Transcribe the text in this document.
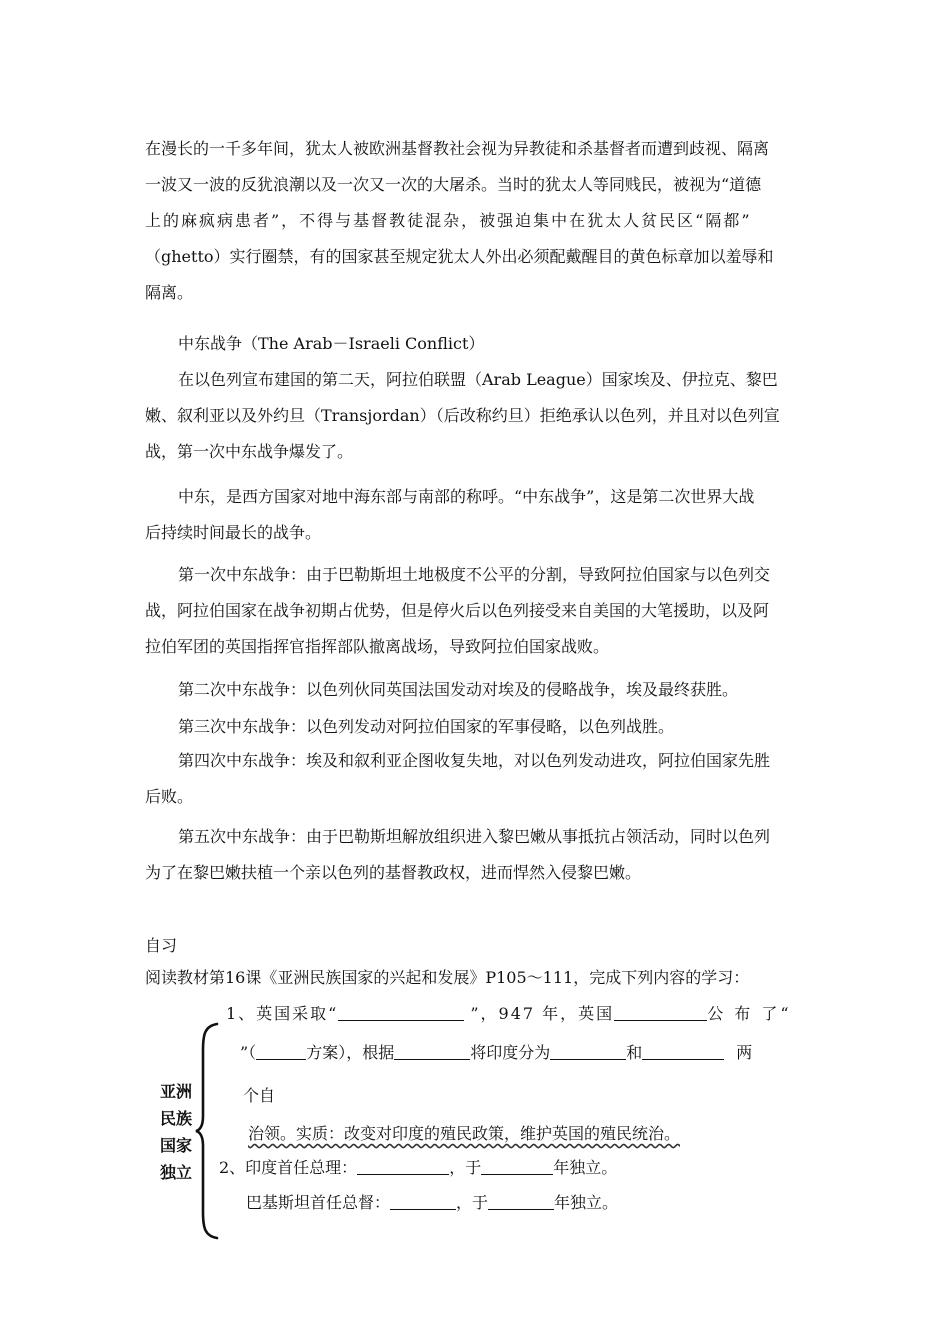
在漫长的一千多年间，犹太人被欧洲基督教社会视为异教徒和杀基督者而遭到歧视、隔离
一波又一波的反犹浪潮以及一次又一次的大屠杀。当时的犹太人等同贱民，被视为“道德
上的麻疯病患者”，不得与基督教徒混杂，被强迫集中在犹太人贫民区“隔都”
（ghetto）实行圈禁，有的国家甚至规定犹太人外出必须配戴醒目的黄色标章加以羞辱和
隔离。
中东战争（The Arab－Israeli Conflict）
在以色列宣布建国的第二天，阿拉伯联盟（Arab League）国家埃及、伊拉克、黎巴
嫩、叙利亚以及外约旦（Transjordan）（后改称约旦）拒绝承认以色列，并且对以色列宣
战，第一次中东战争爆发了。
中东，是西方国家对地中海东部与南部的称呼。“中东战争”，这是第二次世界大战
后持续时间最长的战争。
第一次中东战争：由于巴勒斯坦土地极度不公平的分割，导致阿拉伯国家与以色列交
战，阿拉伯国家在战争初期占优势，但是停火后以色列接受来自美国的大笔援助，以及阿
拉伯军团的英国指挥官指挥部队撤离战场，导致阿拉伯国家战败。
第二次中东战争：以色列伙同英国法国发动对埃及的侵略战争，埃及最终获胜。
第三次中东战争：以色列发动对阿拉伯国家的军事侵略，以色列战胜。
第四次中东战争：埃及和叙利亚企图收复失地，对以色列发动进攻，阿拉伯国家先胜
后败。
第五次中东战争：由于巴勒斯坦解放组织进入黎巴嫩从事抵抗占领活动，同时以色列
为了在黎巴嫩扶植一个亲以色列的基督教政权，进而悍然入侵黎巴嫩。
自习
阅读教材第16课《亚洲民族国家的兴起和发展》P105～111，完成下列内容的学习：
亚洲
民族
国家
独立
1、英国采取“	”，947 年，英国	公 布 了“
”（	方案），根据	将印度分为	和	两
个自
治领。实质：改变对印度的殖民政策，维护英国的殖民统治。
2、印度首任总理：	，于	年独立。
巴基斯坦首任总督：	，于	年独立。
